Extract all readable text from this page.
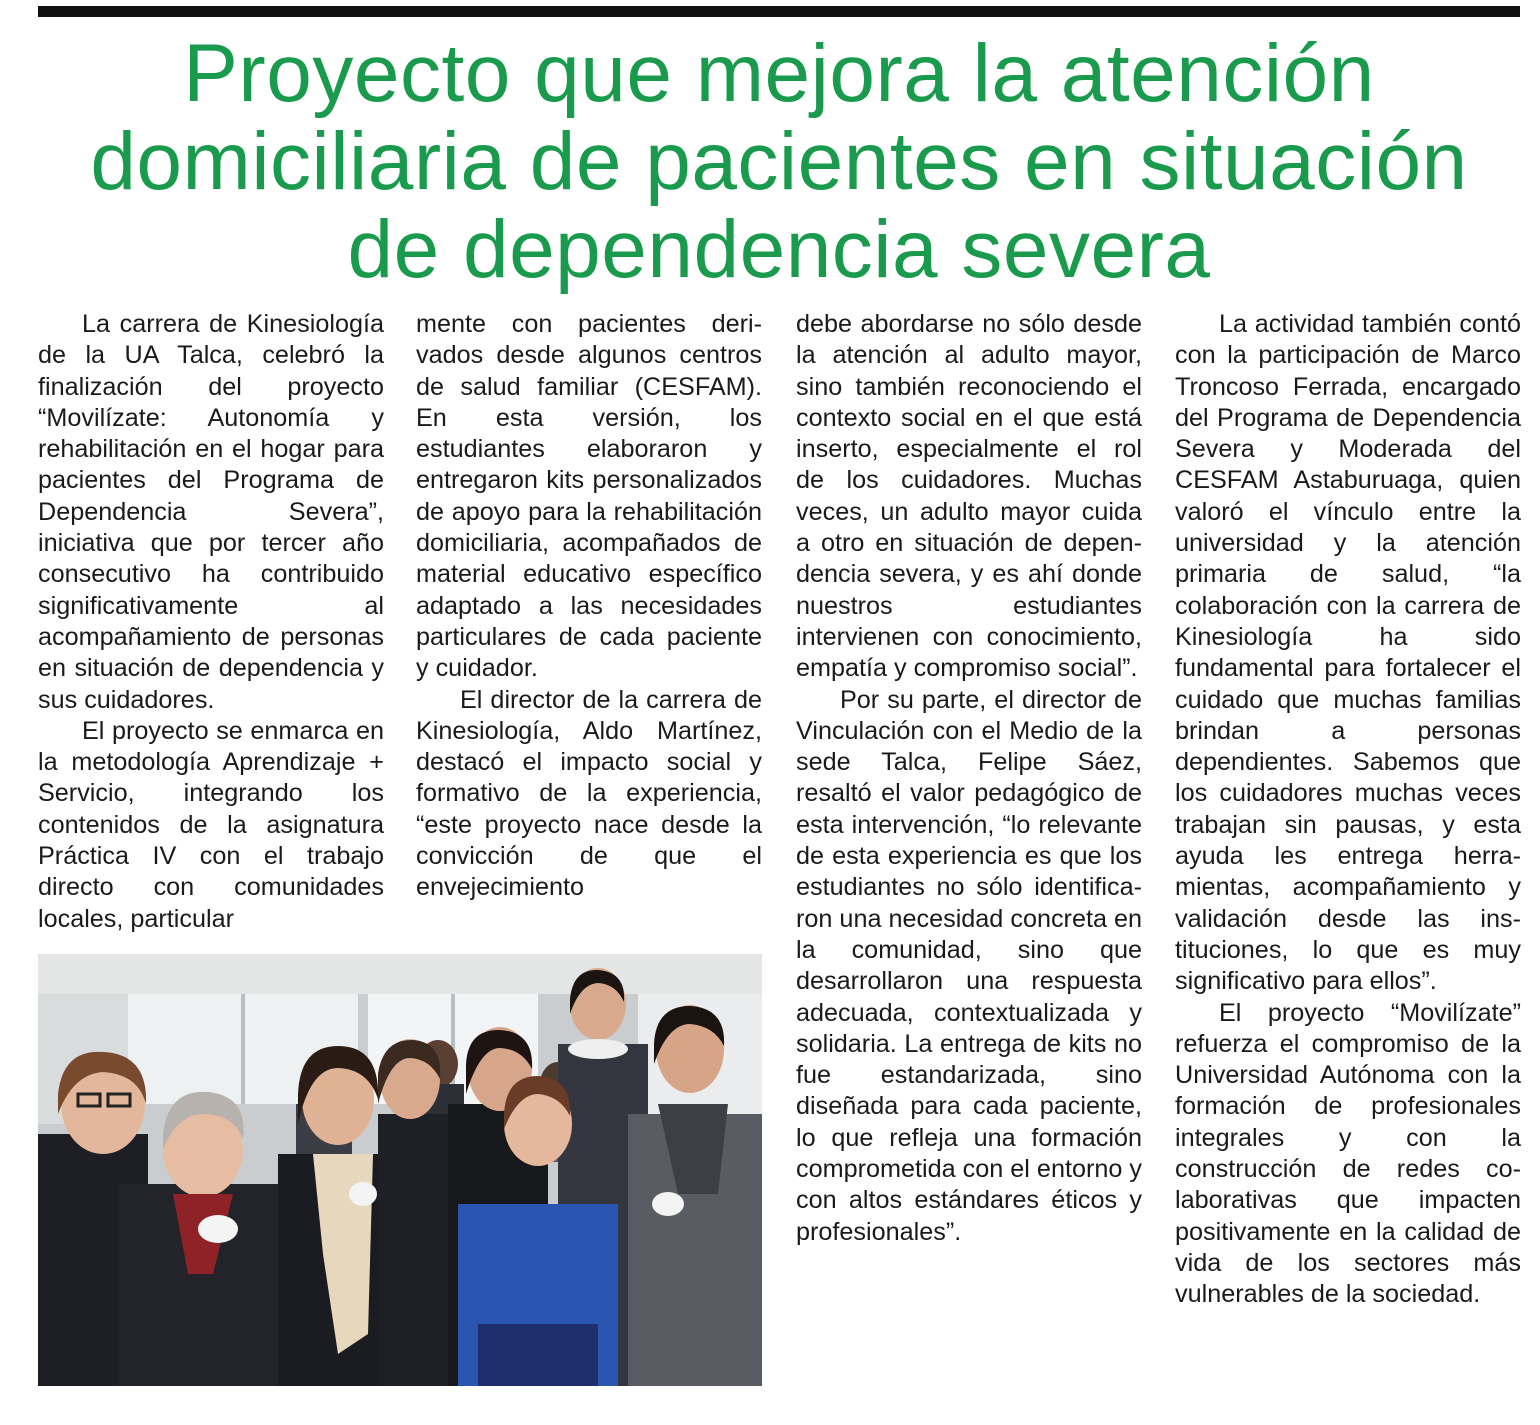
Proyecto que mejora la atención
domiciliaria de pacientes en situación
de dependencia severa

La carrera de Kinesiología de la UA Talca, celebró la finalización del proyecto “Movilízate: Autonomía y rehabilitación en el hogar para pacientes del Programa de Dependencia Severa”, iniciativa que por tercer año consecutivo ha contribuido significativamente al acompañamiento de personas en situación de dependencia y sus cuidadores.

El proyecto se enmarca en la metodología Aprendizaje + Servicio, integrando los contenidos de la asignatura Práctica IV con el trabajo directo con comunidades locales, particular

mente con pacientes derivados desde algunos centros de salud familiar (CESFAM). En esta versión, los estudiantes elaboraron y entregaron kits personalizados de apoyo para la rehabilitación domiciliaria, acompañados de material educativo específico adaptado a las necesidades particulares de cada paciente y cuidador.

El director de la carrera de Kinesiología, Aldo Martínez, destacó el impacto social y formativo de la experiencia, “este proyecto nace desde la convicción de que el envejecimiento

debe abordarse no sólo desde la atención al adulto mayor, sino también reconociendo el contexto social en el que está inserto, especialmente el rol de los cuidadores. Muchas veces, un adulto mayor cuida a otro en situación de dependencia severa, y es ahí donde nuestros estudiantes intervienen con conocimiento, empatía y compromiso social”.

Por su parte, el director de Vinculación con el Medio de la sede Talca, Felipe Sáez, resaltó el valor pedagógico de esta intervención, “lo relevante de esta experiencia es que los estudiantes no sólo identificaron una necesidad concreta en la comunidad, sino que desarrollaron una respuesta adecuada, contextualizada y solidaria. La entrega de kits no fue estandarizada, sino diseñada para cada paciente, lo que refleja una formación comprometida con el entorno y con altos estándares éticos y profesionales”.

La actividad también contó con la participación de Marco Troncoso Ferrada, encargado del Programa de Dependencia Severa y Moderada del CESFAM Astaburuaga, quien valoró el vínculo entre la universidad y la atención primaria de salud, “la colaboración con la carrera de Kinesiología ha sido fundamental para fortalecer el cuidado que muchas familias brindan a personas dependientes. Sabemos que los cuidadores muchas veces trabajan sin pausas, y esta ayuda les entrega herramientas, acompañamiento y validación desde las instituciones, lo que es muy significativo para ellos”.

El proyecto “Movilízate” refuerza el compromiso de la Universidad Autónoma con la formación de profesionales integrales y con la construcción de redes colaborativas que impacten positivamente en la calidad de vida de los sectores más vulnerables de la sociedad.
